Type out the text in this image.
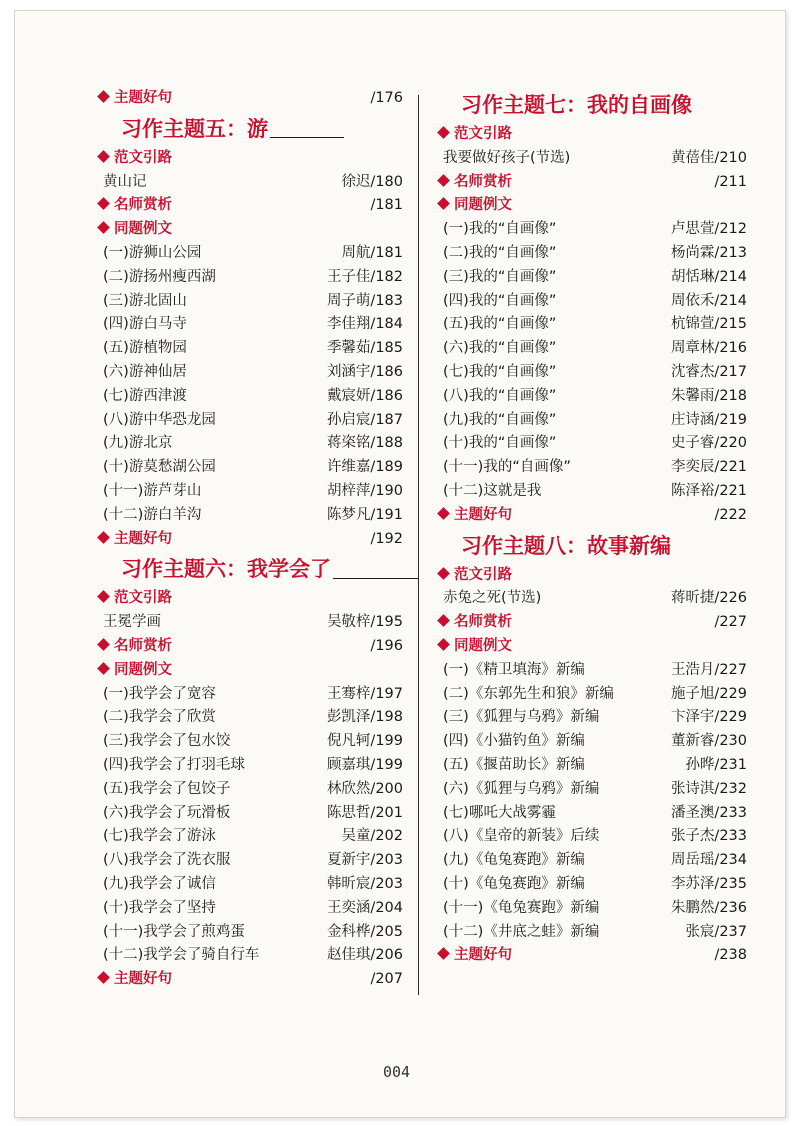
主题好句	/176
习作主题五：游
范文引路
黄山记	徐迟/180
名师赏析	/181
同题例文
(一)游狮山公园	周航/181
(二)游扬州瘦西湖	王子佳/182
(三)游北固山	周子萌/183
(四)游白马寺	李佳翔/184
(五)游植物园	季馨茹/185
(六)游神仙居	刘涵宇/186
(七)游西津渡	戴宸妍/186
(八)游中华恐龙园	孙启宸/187
(九)游北京	蒋栥铭/188
(十)游莫愁湖公园	许维嘉/189
(十一)游芦芽山	胡梓萍/190
(十二)游白羊沟	陈梦凡/191
主题好句	/192
习作主题六：我学会了
范文引路
王冕学画	吴敬梓/195
名师赏析	/196
同题例文
(一)我学会了宽容	王骞梓/197
(二)我学会了欣赏	彭凯泽/198
(三)我学会了包水饺	倪凡轲/199
(四)我学会了打羽毛球	顾嘉琪/199
(五)我学会了包饺子	林欣然/200
(六)我学会了玩滑板	陈思哲/201
(七)我学会了游泳	吴童/202
(八)我学会了洗衣服	夏新宇/203
(九)我学会了诚信	韩昕宸/203
(十)我学会了坚持	王奕涵/204
(十一)我学会了煎鸡蛋	金科桦/205
(十二)我学会了骑自行车	赵佳琪/206
主题好句	/207
习作主题七：我的自画像
范文引路
我要做好孩子(节选)	黄蓓佳/210
名师赏析	/211
同题例文
(一)我的“自画像”	卢思萱/212
(二)我的“自画像”	杨尚霖/213
(三)我的“自画像”	胡恬琳/214
(四)我的“自画像”	周依禾/214
(五)我的“自画像”	杭锦萱/215
(六)我的“自画像”	周章林/216
(七)我的“自画像”	沈睿杰/217
(八)我的“自画像”	朱馨雨/218
(九)我的“自画像”	庄诗涵/219
(十)我的“自画像”	史子睿/220
(十一)我的“自画像”	李奕辰/221
(十二)这就是我	陈泽裕/221
主题好句	/222
习作主题八：故事新编
范文引路
赤兔之死(节选)	蒋昕捷/226
名师赏析	/227
同题例文
(一)《精卫填海》新编	王浩月/227
(二)《东郭先生和狼》新编	施子旭/229
(三)《狐狸与乌鸦》新编	卞泽宇/229
(四)《小猫钓鱼》新编	董新睿/230
(五)《揠苗助长》新编	孙晔/231
(六)《狐狸与乌鸦》新编	张诗淇/232
(七)哪吒大战雾霾	潘圣澳/233
(八)《皇帝的新装》后续	张子杰/233
(九)《龟兔赛跑》新编	周岳瑶/234
(十)《龟兔赛跑》新编	李苏泽/235
(十一)《龟兔赛跑》新编	朱鹏然/236
(十二)《井底之蛙》新编	张宸/237
主题好句	/238
004
